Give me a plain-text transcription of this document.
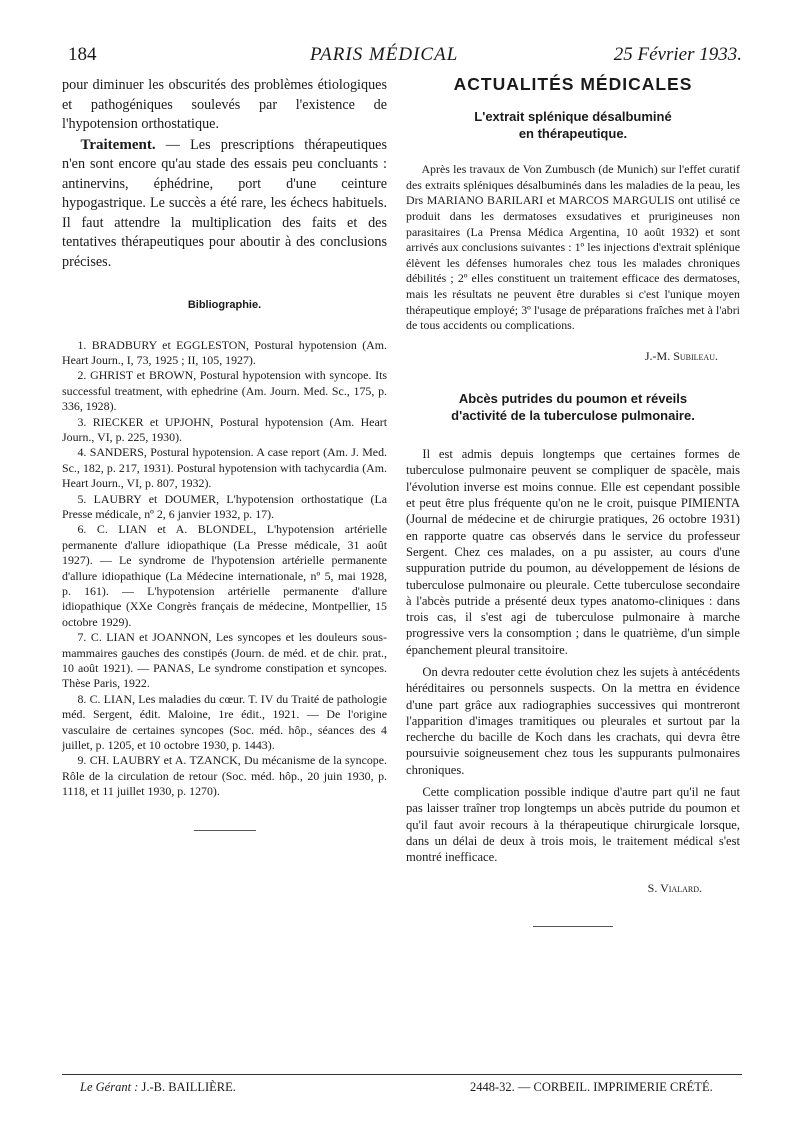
184	PARIS MÉDICAL	25 Février 1933.

pour diminuer les obscurités des problèmes étiologiques et pathogéniques soulevés par l'existence de l'hypotension orthostatique.

Traitement. — Les prescriptions thérapeutiques n'en sont encore qu'au stade des essais peu concluants : antinervins, éphédrine, port d'une ceinture hypogastrique. Le succès a été rare, les échecs habituels. Il faut attendre la multiplication des faits et des tentatives thérapeutiques pour aboutir à des conclusions précises.

Bibliographie.

1. BRADBURY et EGGLESTON, Postural hypotension (Am. Heart Journ., I, 73, 1925 ; II, 105, 1927).

2. GHRIST et BROWN, Postural hypotension with syncope. Its successful treatment, with ephedrine (Am. Journ. Med. Sc., 175, p. 336, 1928).

3. RIECKER et UPJOHN, Postural hypotension (Am. Heart Journ., VI, p. 225, 1930).

4. SANDERS, Postural hypotension. A case report (Am. J. Med. Sc., 182, p. 217, 1931). Postural hypotension with tachycardia (Am. Heart Journ., VI, p. 807, 1932).

5. LAUBRY et DOUMER, L'hypotension orthostatique (La Presse médicale, nº 2, 6 janvier 1932, p. 17).

6. C. LIAN et A. BLONDEL, L'hypotension artérielle permanente d'allure idiopathique (La Presse médicale, 31 août 1927). — Le syndrome de l'hypotension artérielle permanente d'allure idiopathique (La Médecine internationale, nº 5, mai 1928, p. 161). — L'hypotension artérielle permanente d'allure idiopathique (XXe Congrès français de médecine, Montpellier, 15 octobre 1929).

7. C. LIAN et JOANNON, Les syncopes et les douleurs sous-mammaires gauches des constipés (Journ. de méd. et de chir. prat., 10 août 1921). — PANAS, Le syndrome constipation et syncopes. Thèse Paris, 1922.

8. C. LIAN, Les maladies du cœur. T. IV du Traité de pathologie méd. Sergent, édit. Maloine, 1re édit., 1921. — De l'origine vasculaire de certaines syncopes (Soc. méd. hôp., séances des 4 juillet, p. 1205, et 10 octobre 1930, p. 1443).

9. CH. LAUBRY et A. TZANCK, Du mécanisme de la syncope. Rôle de la circulation de retour (Soc. méd. hôp., 20 juin 1930, p. 1118, et 11 juillet 1930, p. 1270).

ACTUALITÉS MÉDICALES
L'extrait splénique désalbuminé
en thérapeutique.

Après les travaux de Von Zumbusch (de Munich) sur l'effet curatif des extraits spléniques désalbuminés dans les maladies de la peau, les Drs MARIANO BARILARI et MARCOS MARGULIS ont utilisé ce produit dans les dermatoses exsudatives et prurigineuses non parasitaires (La Prensa Médica Argentina, 10 août 1932) et sont arrivés aux conclusions suivantes : 1º les injections d'extrait splénique élèvent les défenses humorales chez tous les malades chroniques débilités ; 2º elles constituent un traitement efficace des dermatoses, mais les résultats ne peuvent être durables si c'est l'unique moyen thérapeutique employé; 3º l'usage de préparations fraîches met à l'abri de tous accidents ou complications.

J.-M. Subileau.
Abcès putrides du poumon et réveils
d'activité de la tuberculose pulmonaire.

Il est admis depuis longtemps que certaines formes de tuberculose pulmonaire peuvent se compliquer de spacèle, mais l'évolution inverse est moins connue. Elle est cependant possible et peut être plus fréquente qu'on ne le croit, puisque PIMIENTA (Journal de médecine et de chirurgie pratiques, 26 octobre 1931) en rapporte quatre cas observés dans le service du professeur Sergent. Chez ces malades, on a pu assister, au cours d'une suppuration putride du poumon, au développement de lésions de tuberculose pulmonaire ou pleurale. Cette tuberculose secondaire à l'abcès putride a présenté deux types anatomo-cliniques : dans trois cas, il s'est agi de tuberculose pulmonaire à marche progressive vers la consomption ; dans le quatrième, d'un simple épanchement pleural transitoire.

On devra redouter cette évolution chez les sujets à antécédents héréditaires ou personnels suspects. On la mettra en évidence d'une part grâce aux radiographies successives qui montreront l'apparition d'images tramitiques ou pleurales et surtout par la recherche du bacille de Koch dans les crachats, qui devra être poursuivie soigneusement chez tous les suppurants pulmonaires chroniques.

Cette complication possible indique d'autre part qu'il ne faut pas laisser traîner trop longtemps un abcès putride du poumon et qu'il faut avoir recours à la thérapeutique chirurgicale lorsque, dans un délai de deux à trois mois, le traitement médical s'est montré inefficace.

S. Vialard.
Le Gérant : J.-B. BAILLIÈRE.	2448-32. — CORBEIL. IMPRIMERIE CRÉTÉ.
